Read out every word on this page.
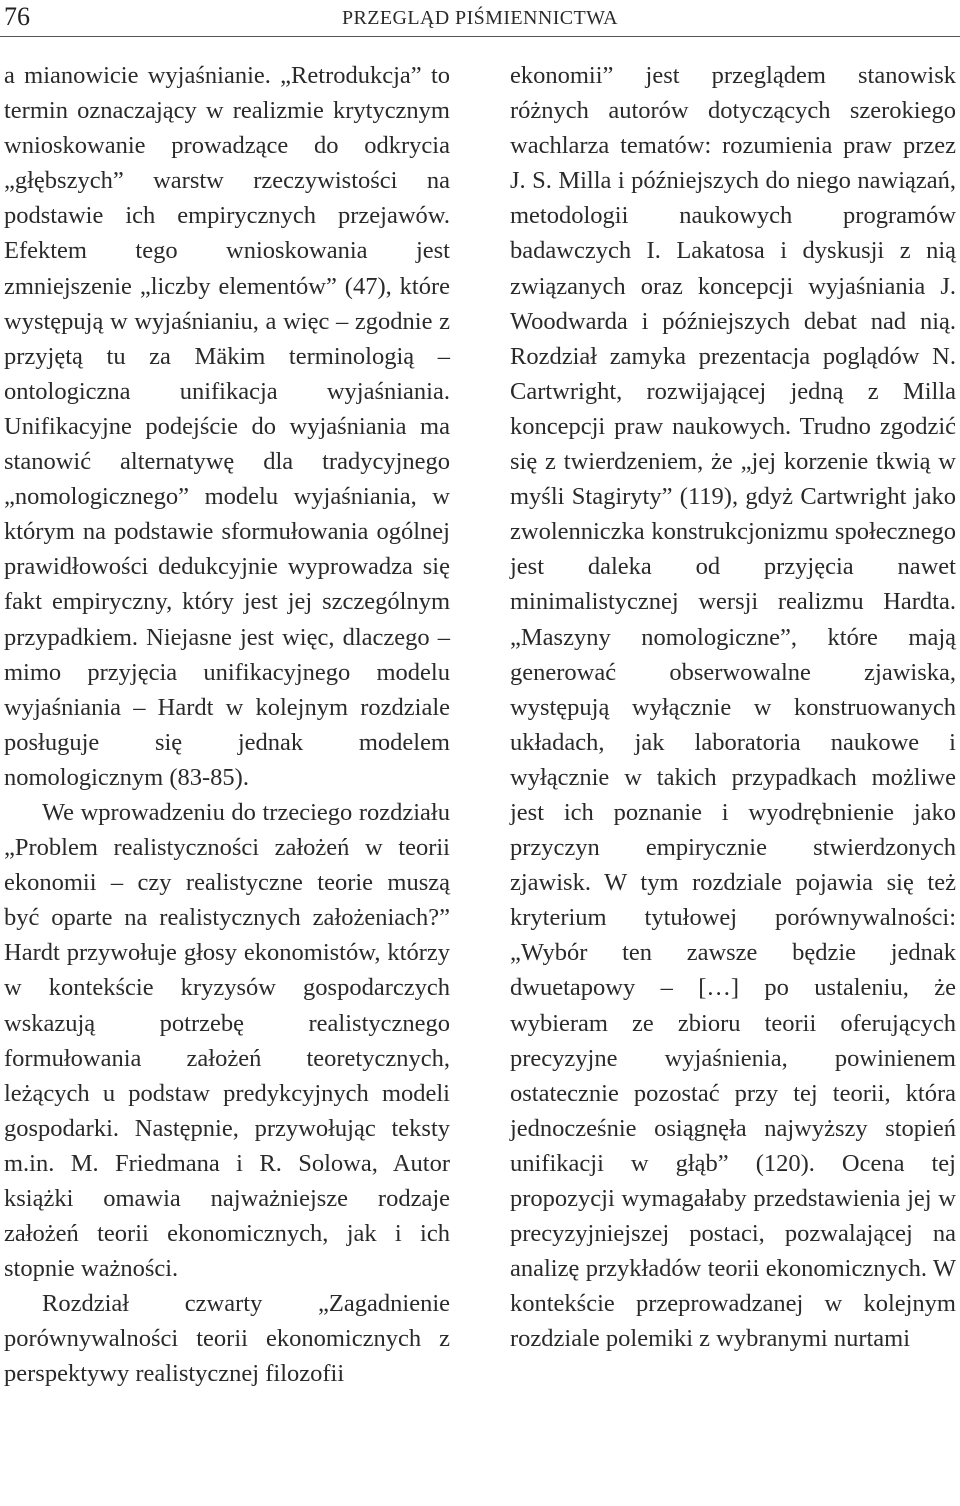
76	PRZEGLĄD PIŚMIENNICTWA

a mianowicie wyjaśnianie. „Retrodukcja” to termin oznaczający w realizmie krytycznym wnioskowanie prowadzące do odkrycia „głębszych” warstw rzeczywistości na podstawie ich empirycznych przejawów. Efektem tego wnioskowania jest zmniejszenie „liczby elementów” (47), które występują w wyjaśnianiu, a więc – zgodnie z przyjętą tu za Mäkim terminologią – ontologiczna unifikacja wyjaśniania. Unifikacyjne podejście do wyjaśniania ma stanowić alternatywę dla tradycyjnego „nomologicznego” modelu wyjaśniania, w którym na podstawie sformułowania ogólnej prawidłowości dedukcyjnie wyprowadza się fakt empiryczny, który jest jej szczególnym przypadkiem. Niejasne jest więc, dlaczego – mimo przyjęcia unifikacyjnego modelu wyjaśniania – Hardt w kolejnym rozdziale posługuje się jednak modelem nomologicznym (83-85).

We wprowadzeniu do trzeciego rozdziału „Problem realistyczności założeń w teorii ekonomii – czy realistyczne teorie muszą być oparte na realistycznych założeniach?” Hardt przywołuje głosy ekonomistów, którzy w kontekście kryzysów gospodarczych wskazują potrzebę realistycznego formułowania założeń teoretycznych, leżących u podstaw predykcyjnych modeli gospodarki. Następnie, przywołując teksty m.in. M. Friedmana i R. Solowa, Autor książki omawia najważniejsze rodzaje założeń teorii ekonomicznych, jak i ich stopnie ważności.

Rozdział czwarty „Zagadnienie porównywalności teorii ekonomicznych z perspektywy realistycznej filozofii

ekonomii” jest przeglądem stanowisk różnych autorów dotyczących szerokiego wachlarza tematów: rozumienia praw przez J. S. Milla i późniejszych do niego nawiązań, metodologii naukowych programów badawczych I. Lakatosa i dyskusji z nią związanych oraz koncepcji wyjaśniania J. Woodwarda i późniejszych debat nad nią. Rozdział zamyka prezentacja poglądów N. Cartwright, rozwijającej jedną z Milla koncepcji praw naukowych. Trudno zgodzić się z twierdzeniem, że „jej korzenie tkwią w myśli Stagiryty” (119), gdyż Cartwright jako zwolenniczka konstrukcjonizmu społecznego jest daleka od przyjęcia nawet minimalistycznej wersji realizmu Hardta. „Maszyny nomologiczne”, które mają generować obserwowalne zjawiska, występują wyłącznie w konstruowanych układach, jak laboratoria naukowe i wyłącznie w takich przypadkach możliwe jest ich poznanie i wyodrębnienie jako przyczyn empirycznie stwierdzonych zjawisk. W tym rozdziale pojawia się też kryterium tytułowej porównywalności: „Wybór ten zawsze będzie jednak dwuetapowy – […] po ustaleniu, że wybieram ze zbioru teorii oferujących precyzyjne wyjaśnienia, powinienem ostatecznie pozostać przy tej teorii, która jednocześnie osiągnęła najwyższy stopień unifikacji w głąb” (120). Ocena tej propozycji wymagałaby przedstawienia jej w precyzyjniejszej postaci, pozwalającej na analizę przykładów teorii ekonomicznych. W kontekście przeprowadzanej w kolejnym rozdziale polemiki z wybranymi nurtami
